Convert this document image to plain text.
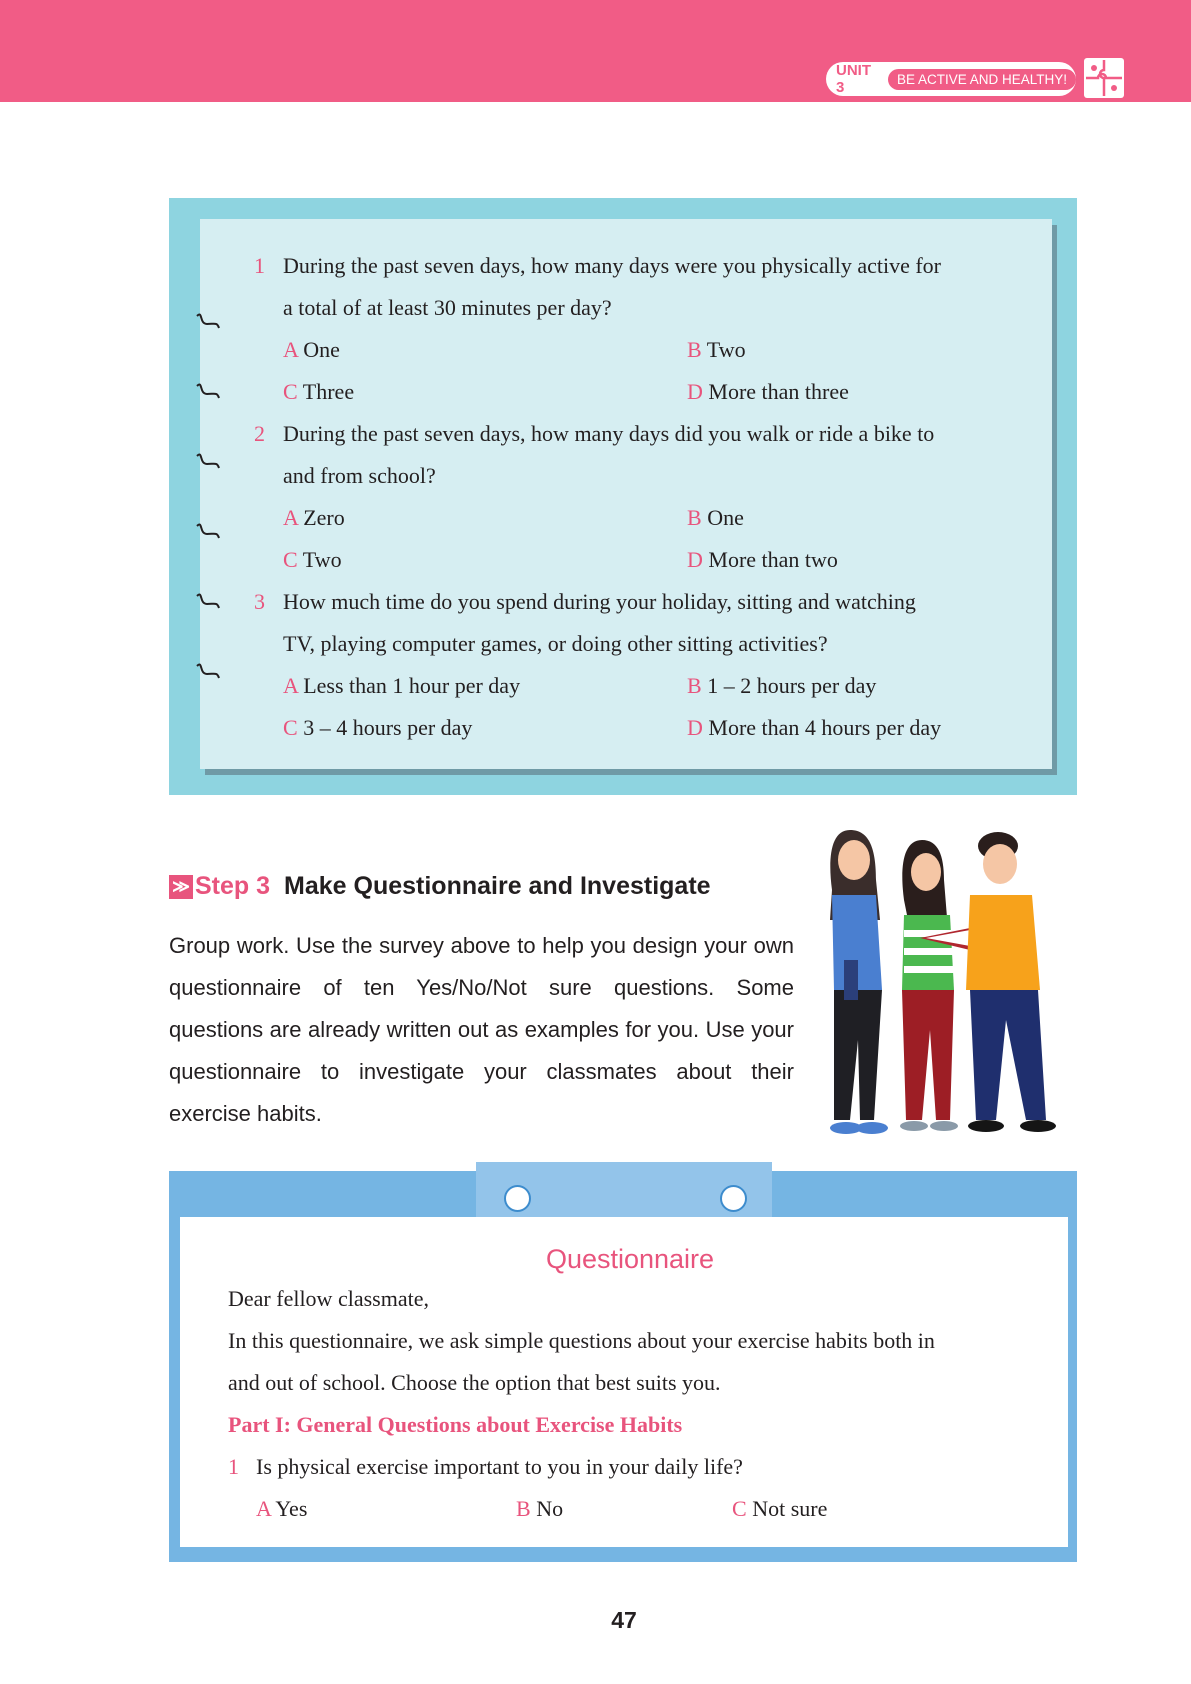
UNIT 3	BE ACTIVE AND HEALTHY!
1 During the past seven days, how many days were you physically active for
a total of at least 30 minutes per day?
A One	B Two
C Three	D More than three
2 During the past seven days, how many days did you walk or ride a bike to
and from school?
A Zero	B One
C Two	D More than two
3 How much time do you spend during your holiday, sitting and watching
TV, playing computer games, or doing other sitting activities?
A Less than 1 hour per day	B 1 – 2 hours per day
C 3 – 4 hours per day	D More than 4 hours per day
≫ Step 3 Make Questionnaire and Investigate
Group work. Use the survey above to help you design your own questionnaire of ten Yes/No/Not sure questions. Some questions are already written out as examples for you. Use your questionnaire to investigate your classmates about their exercise habits.
Questionnaire
Dear fellow classmate,
In this questionnaire, we ask simple questions about your exercise habits both in
and out of school. Choose the option that best suits you.
Part I: General Questions about Exercise Habits
1 Is physical exercise important to you in your daily life?
A Yes	B No	C Not sure
47
